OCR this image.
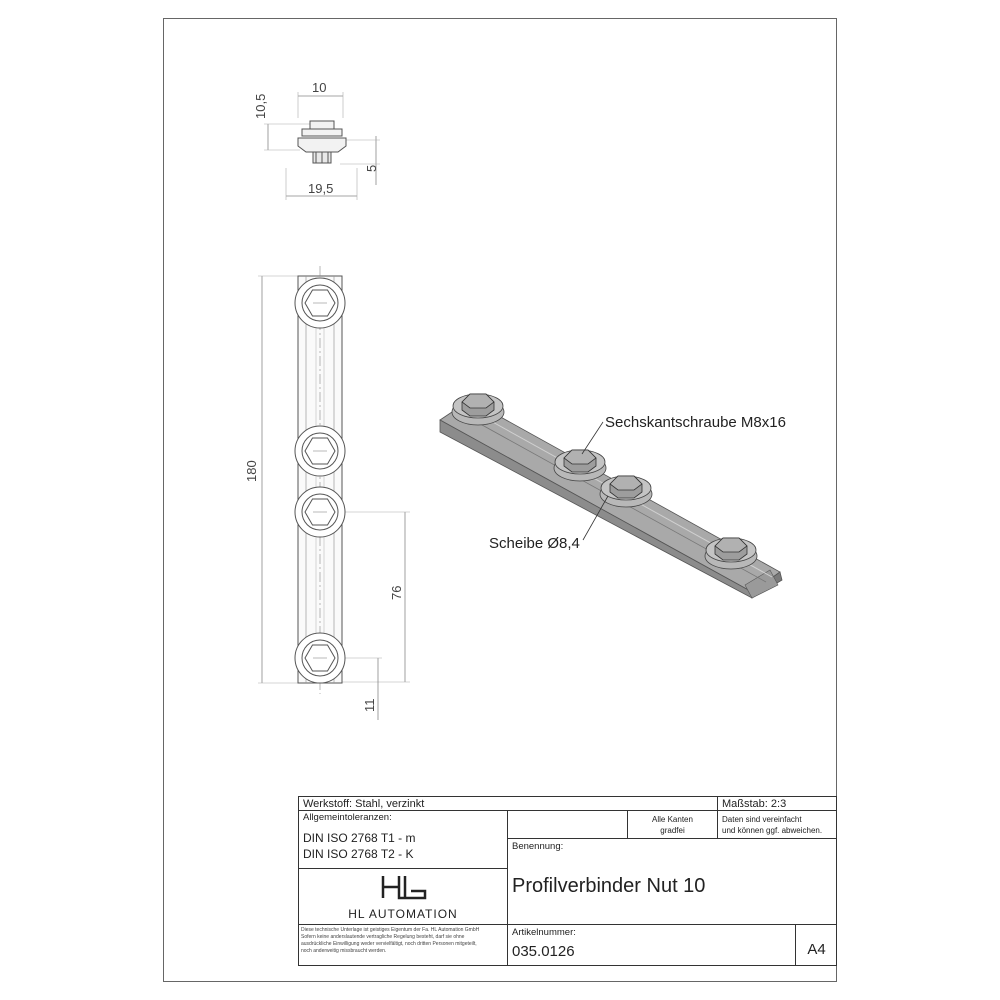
10
10,5
5
19,5
180
76
11
Sechskantschraube M8x16
Scheibe Ø8,4
Werkstoff: Stahl, verzinkt	Maßstab: 2:3
Allgemeintoleranzen:
DIN ISO 2768 T1 - m
DIN ISO 2768 T2 - K
HL AUTOMATION
Diese technische Unterlage ist geistiges Eigentum der Fa. HL Automation GmbH
Sofern keine anderslautende vertragliche Regelung besteht, darf sie ohne
ausdrückliche Einwilligung weder vervielfältigt, noch dritten Personen mitgeteilt,
noch anderweitig missbraucht werden.
Alle Kanten
gradfei
Daten sind vereinfacht
und können ggf. abweichen.
Benennung:
Profilverbinder Nut 10
Artikelnummer:
035.0126	A4
